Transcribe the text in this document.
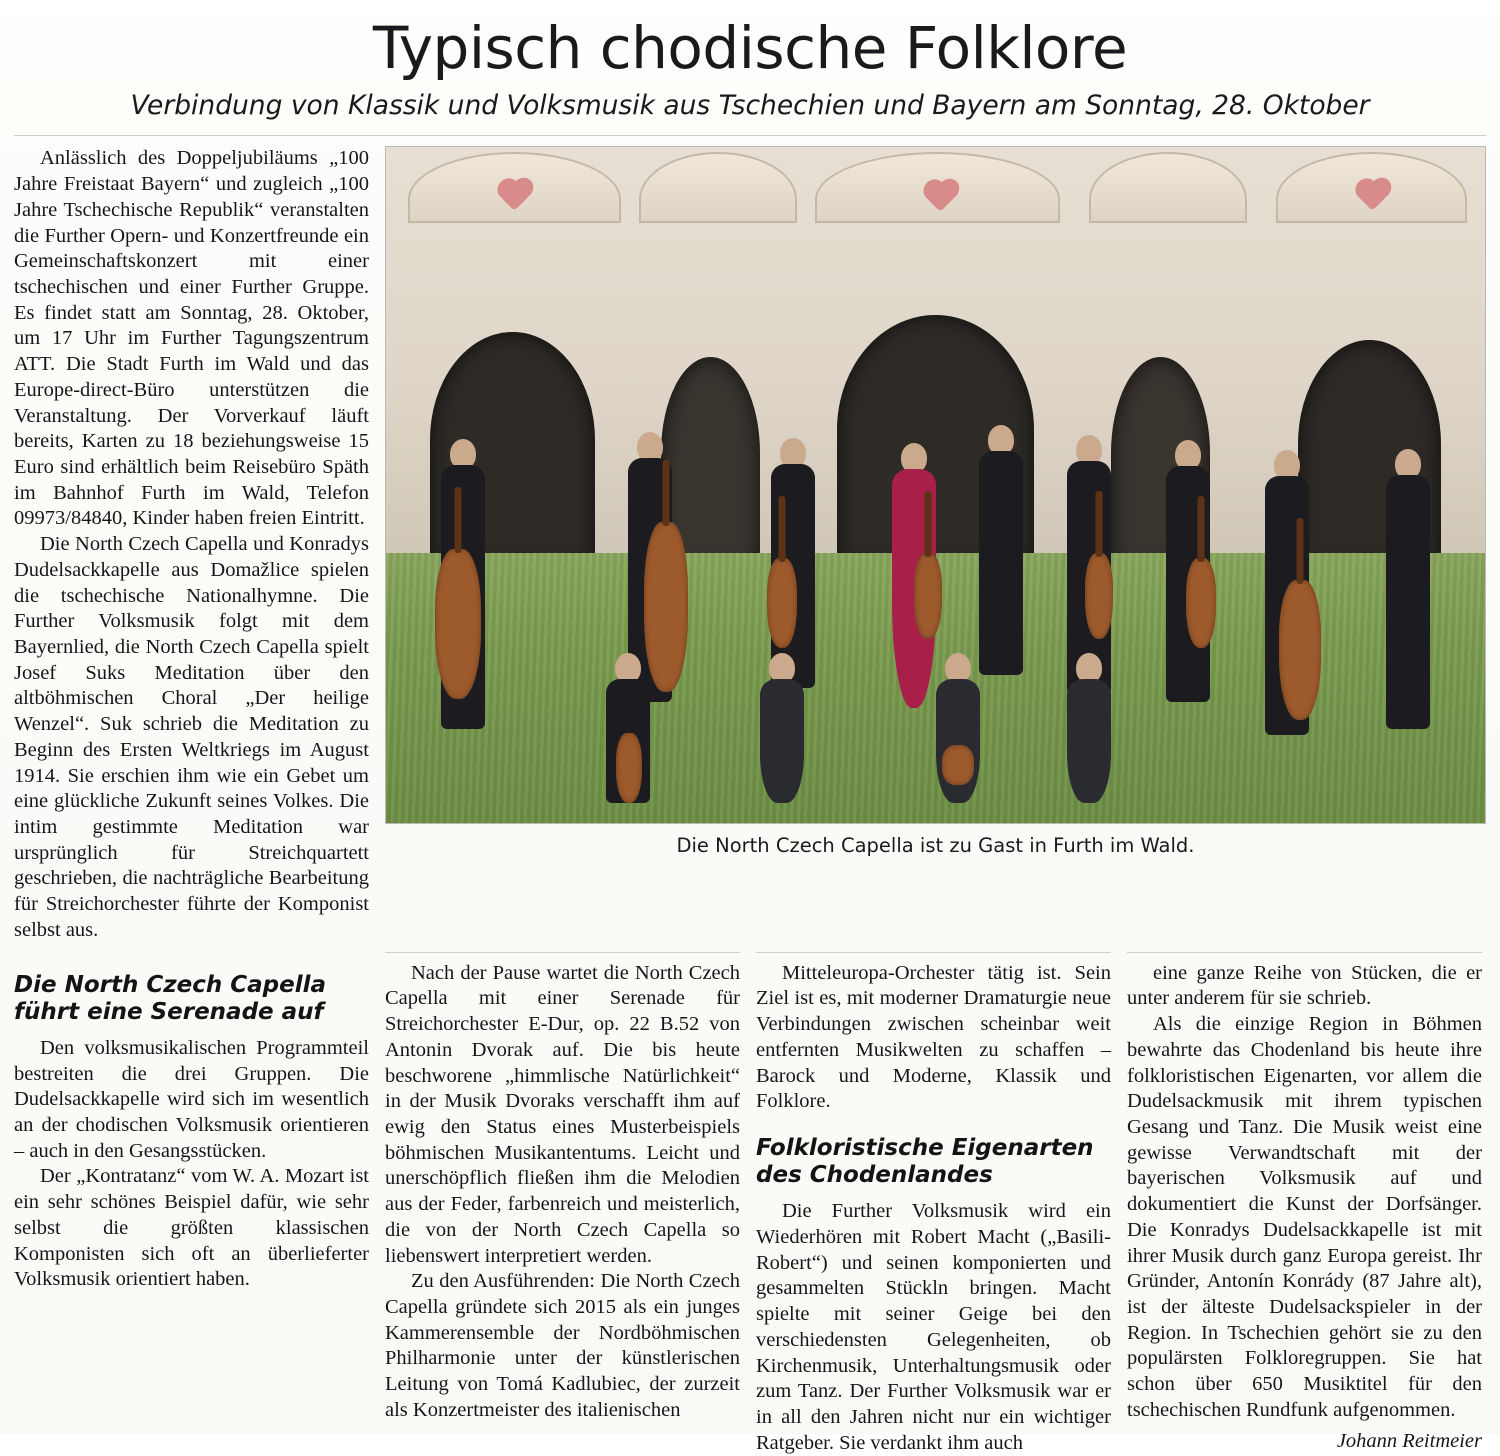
Typisch chodische Folklore
Verbindung von Klassik und Volksmusik aus Tschechien und Bayern am Sonntag, 28. Oktober

Anlässlich des Doppeljubiläums „100 Jahre Freistaat Bayern“ und zugleich „100 Jahre Tschechische Republik“ veranstalten die Further Opern- und Konzertfreunde ein Gemeinschaftskonzert mit einer tschechischen und einer Further Gruppe. Es findet statt am Sonntag, 28. Oktober, um 17 Uhr im Further Tagungszentrum ATT. Die Stadt Furth im Wald und das Europe-direct-Büro unterstützen die Veranstaltung. Der Vorverkauf läuft bereits, Karten zu 18 beziehungsweise 15 Euro sind erhältlich beim Reisebüro Späth im Bahnhof Furth im Wald, Telefon 09973/84840, Kinder haben freien Eintritt.

Die North Czech Capella und Konradys Dudelsackkapelle aus Domažlice spielen die tschechische Nationalhymne. Die Further Volksmusik folgt mit dem Bayernlied, die North Czech Capella spielt Josef Suks Meditation über den altböhmischen Choral „Der heilige Wenzel“. Suk schrieb die Meditation zu Beginn des Ersten Weltkriegs im August 1914. Sie erschien ihm wie ein Gebet um eine glückliche Zukunft seines Volkes. Die intim gestimmte Meditation war ursprünglich für Streichquartett geschrieben, die nachträgliche Bearbeitung für Streichorchester führte der Komponist selbst aus.

Die North Czech Capella ist zu Gast in Furth im Wald.
Die North Czech Capella führt eine Serenade auf

Den volksmusikalischen Programmteil bestreiten die drei Gruppen. Die Dudelsackkapelle wird sich im wesentlich an der chodischen Volksmusik orientieren – auch in den Gesangsstücken.

Der „Kontratanz“ vom W. A. Mozart ist ein sehr schönes Beispiel dafür, wie sehr selbst die größten klassischen Komponisten sich oft an überlieferter Volksmusik orientiert haben.

Nach der Pause wartet die North Czech Capella mit einer Serenade für Streichorchester E-Dur, op. 22 B.52 von Antonin Dvorak auf. Die bis heute beschworene „himmlische Natürlichkeit“ in der Musik Dvoraks verschafft ihm auf ewig den Status eines Musterbeispiels böhmischen Musikantentums. Leicht und unerschöpflich fließen ihm die Melodien aus der Feder, farbenreich und meisterlich, die von der North Czech Capella so liebenswert interpretiert werden.

Zu den Ausführenden: Die North Czech Capella gründete sich 2015 als ein junges Kammerensemble der Nordböhmischen Philharmonie unter der künstlerischen Leitung von Tomá Kadlubiec, der zurzeit als Konzertmeister des italienischen

Mitteleuropa-Orchester tätig ist. Sein Ziel ist es, mit moderner Dramaturgie neue Verbindungen zwischen scheinbar weit entfernten Musikwelten zu schaffen – Barock und Moderne, Klassik und Folklore.

Folkloristische Eigenarten des Chodenlandes

Die Further Volksmusik wird ein Wiederhören mit Robert Macht („Basili-Robert“) und seinen komponierten und gesammelten Stückln bringen. Macht spielte mit seiner Geige bei den verschiedensten Gelegenheiten, ob Kirchenmusik, Unterhaltungsmusik oder zum Tanz. Der Further Volksmusik war er in all den Jahren nicht nur ein wichtiger Ratgeber. Sie verdankt ihm auch

eine ganze Reihe von Stücken, die er unter anderem für sie schrieb.

Als die einzige Region in Böhmen bewahrte das Chodenland bis heute ihre folkloristischen Eigenarten, vor allem die Dudelsackmusik mit ihrem typischen Gesang und Tanz. Die Musik weist eine gewisse Verwandtschaft mit der bayerischen Volksmusik auf und dokumentiert die Kunst der Dorfsänger. Die Konradys Dudelsackkapelle ist mit ihrer Musik durch ganz Europa gereist. Ihr Gründer, Antonín Konrády (87 Jahre alt), ist der älteste Dudelsackspieler in der Region. In Tschechien gehört sie zu den populärsten Folkloregruppen. Sie hat schon über 650 Musiktitel für den tschechischen Rundfunk aufgenommen.

Johann Reitmeier
